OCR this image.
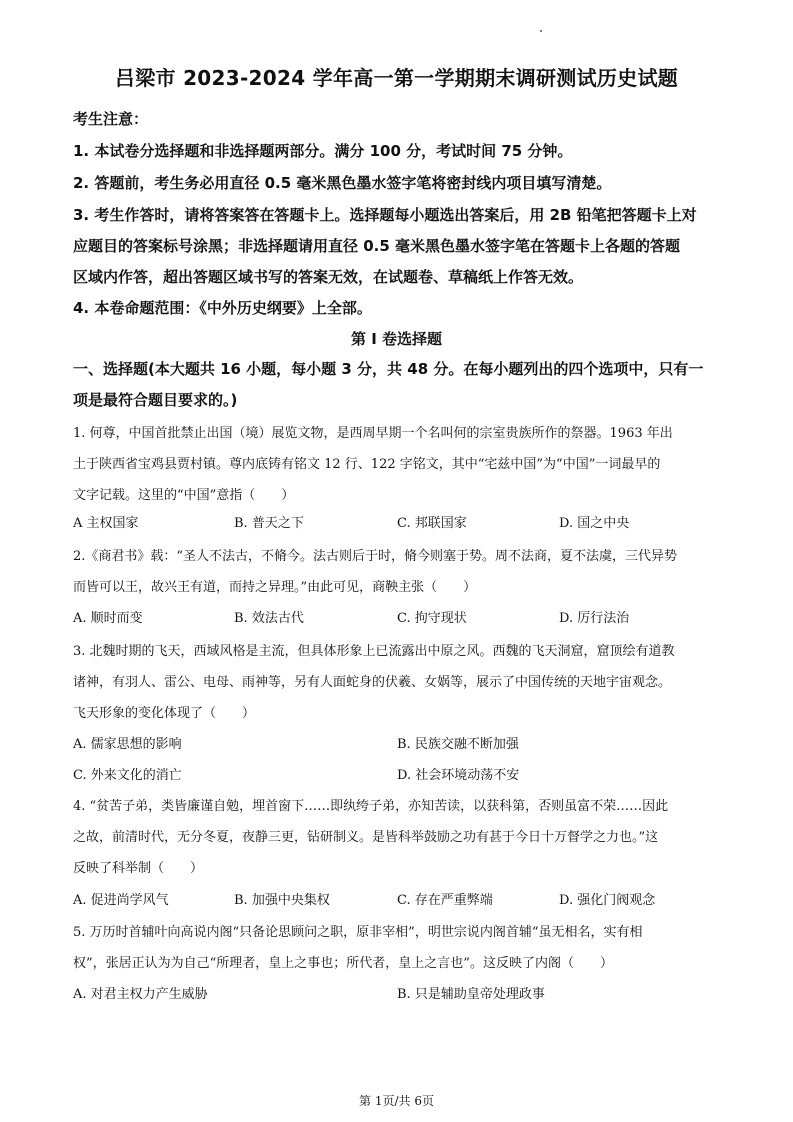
吕梁市 2023-2024 学年高一第一学期期末调研测试历史试题
考生注意：
1. 本试卷分选择题和非选择题两部分。满分 100 分，考试时间 75 分钟。
2. 答题前，考生务必用直径 0.5 毫米黑色墨水签字笔将密封线内项目填写清楚。
3. 考生作答时，请将答案答在答题卡上。选择题每小题选出答案后，用 2B 铅笔把答题卡上对
应题目的答案标号涂黑；非选择题请用直径 0.5 毫米黑色墨水签字笔在答题卡上各题的答题
区域内作答，超出答题区域书写的答案无效，在试题卷、草稿纸上作答无效。
4. 本卷命题范围：《中外历史纲要》上全部。
第 I 卷选择题
一、选择题(本大题共 16 小题，每小题 3 分，共 48 分。在每小题列出的四个选项中，只有一
项是最符合题目要求的。)
1. 何尊，中国首批禁止出国（境）展览文物，是西周早期一个名叫何的宗室贵族所作的祭器。1963 年出
土于陕西省宝鸡县贾村镇。尊内底铸有铭文 12 行、122 字铭文，其中“宅兹中国”为“中国”一词最早的
文字记载。这里的“中国”意指（　　）
A 主权国家	B. 普天之下	C. 邦联国家	D. 国之中央
2.《商君书》载：“圣人不法古，不脩今。法古则后于时，脩今则塞于势。周不法商，夏不法虞，三代异势
而皆可以王，故兴王有道，而持之异理。”由此可见，商鞅主张（　　）
A. 顺时而变	B. 效法古代	C. 拘守现状	D. 厉行法治
3. 北魏时期的飞天，西域风格是主流，但具体形象上已流露出中原之风。西魏的飞天洞窟，窟顶绘有道教
诸神，有羽人、雷公、电母、雨神等，另有人面蛇身的伏羲、女娲等，展示了中国传统的天地宇宙观念。
飞天形象的变化体现了（　　）
A. 儒家思想的影响	B. 民族交融不断加强
C. 外来文化的消亡	D. 社会环境动荡不安
4. “贫苦子弟，类皆廉谨自勉，埋首窗下……即纨绔子弟，亦知苦读，以获科第，否则虽富不荣……因此
之故，前清时代，无分冬夏，夜静三更，钻研制义。是皆科举鼓励之功有甚于今日十万督学之力也。”这
反映了科举制（　　）
A. 促进尚学风气	B. 加强中央集权	C. 存在严重弊端	D. 强化门阀观念
5. 万历时首辅叶向高说内阁“只备论思顾问之职，原非宰相”，明世宗说内阁首辅“虽无相名，实有相
权”，张居正认为为自己“所理者，皇上之事也；所代者，皇上之言也”。这反映了内阁（　　）
A. 对君主权力产生威胁	B. 只是辅助皇帝处理政事
第 1页/共 6页
